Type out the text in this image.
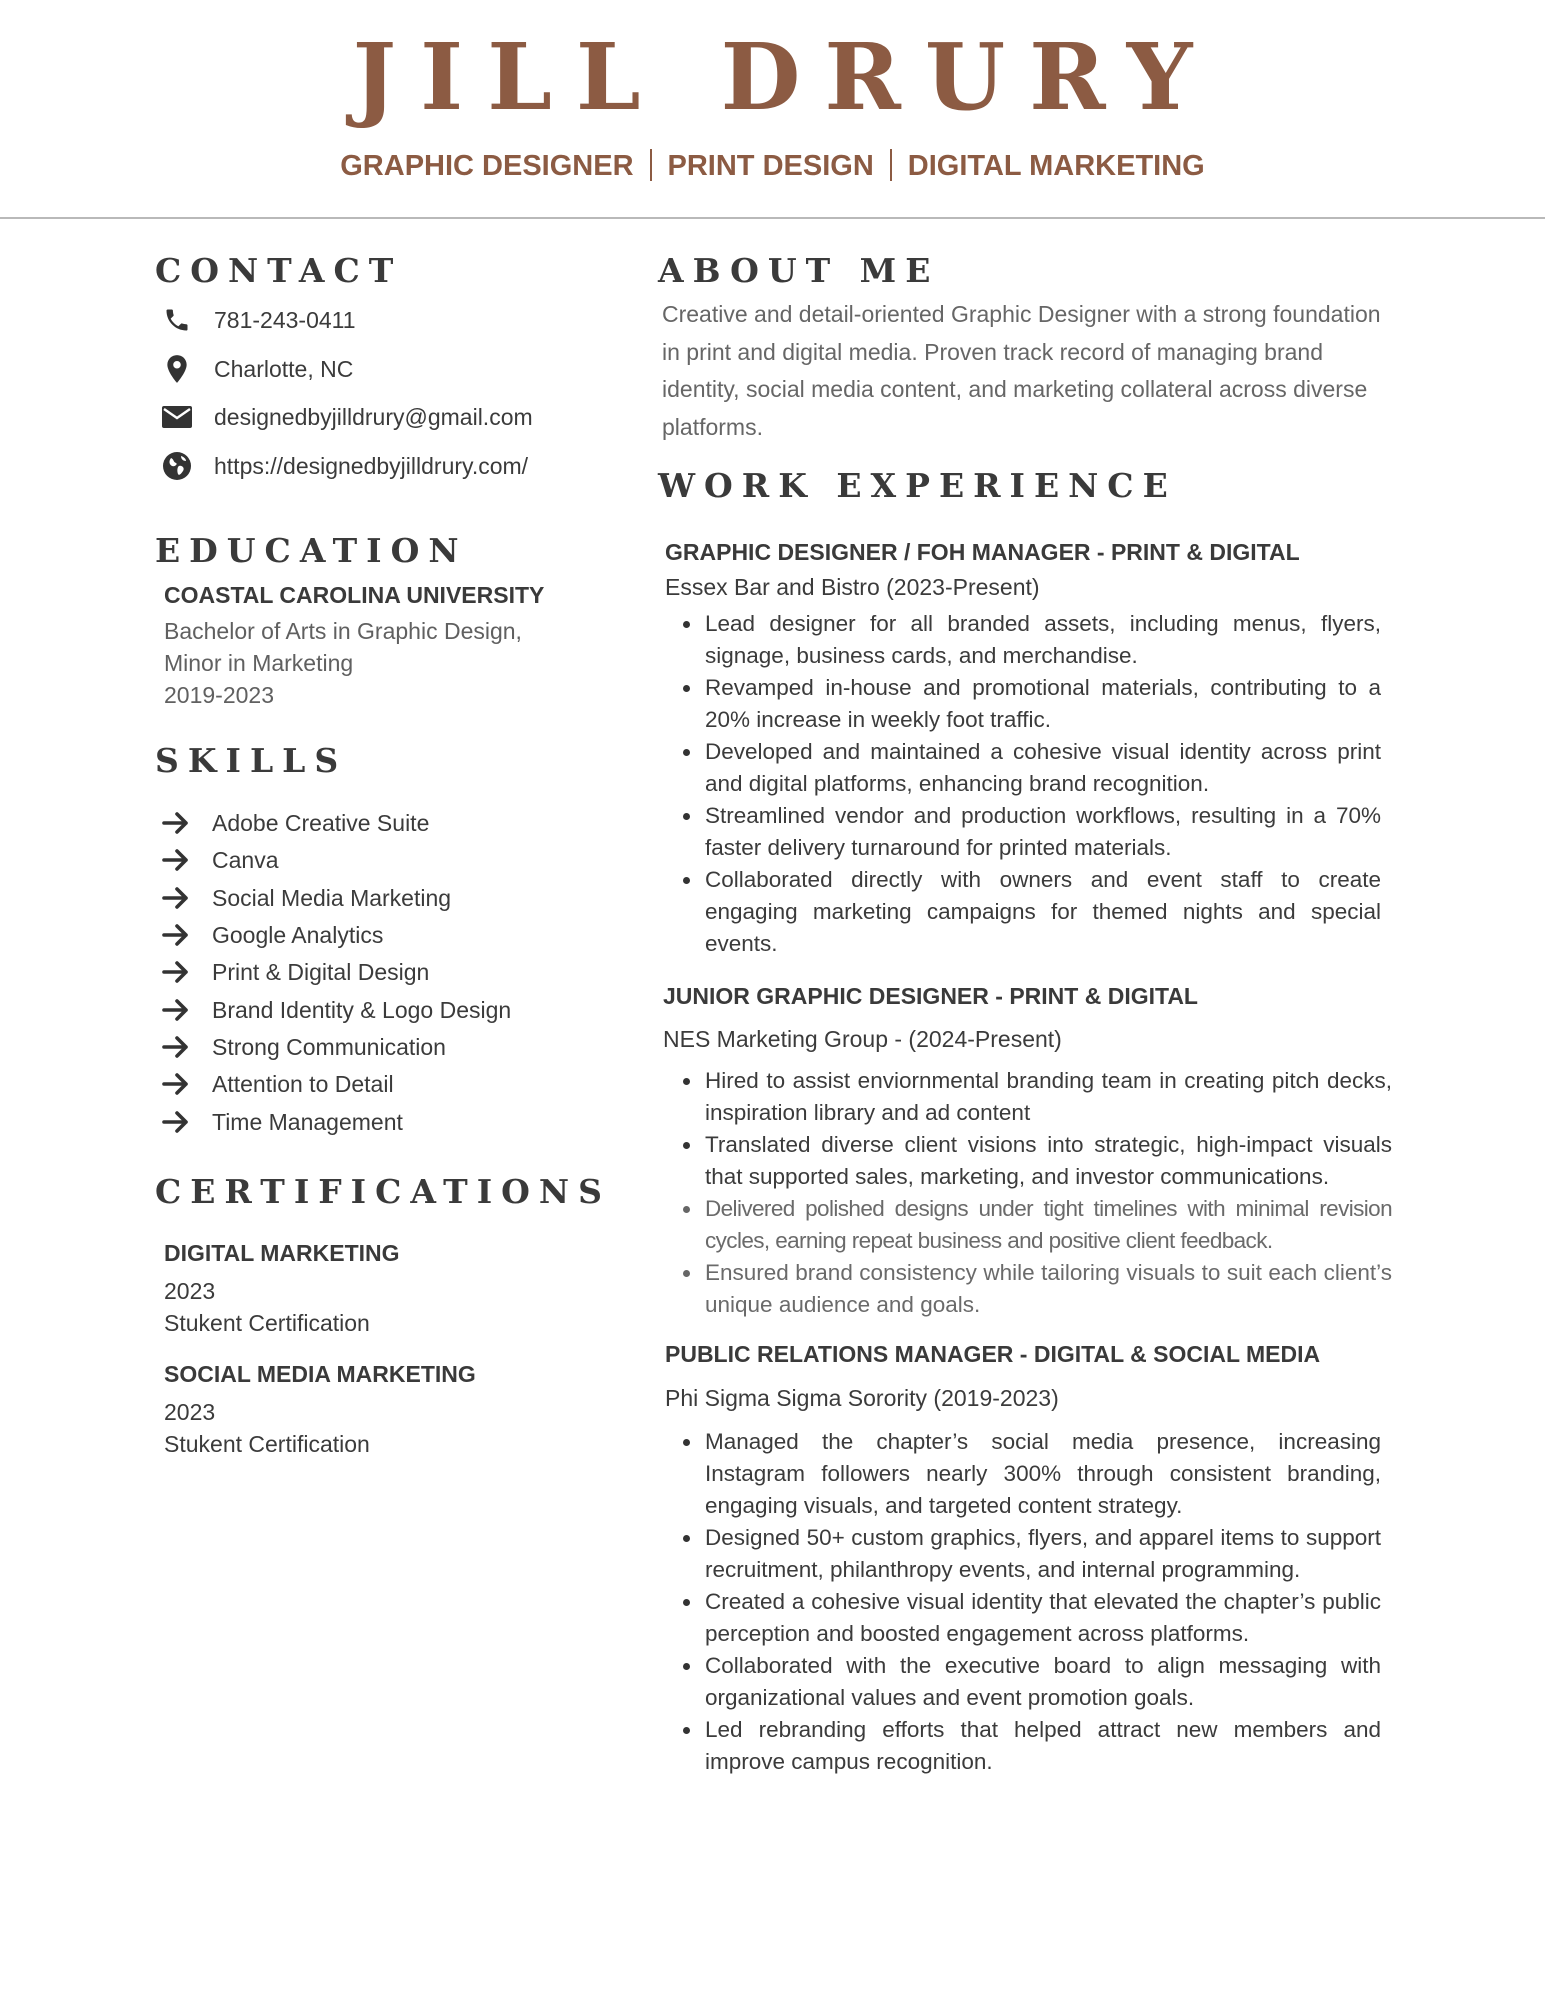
JILL DRURY
GRAPHIC DESIGNER PRINT DESIGN DIGITAL MARKETING
CONTACT
781-243-0411
Charlotte, NC
designedbyjilldrury@gmail.com
https://designedbyjilldrury.com/
EDUCATION
COASTAL CAROLINA UNIVERSITY
Bachelor of Arts in Graphic Design,
Minor in Marketing
2019-2023
SKILLS
Adobe Creative Suite
Canva
Social Media Marketing
Google Analytics
Print & Digital Design
Brand Identity & Logo Design
Strong Communication
Attention to Detail
Time Management
CERTIFICATIONS
DIGITAL MARKETING
2023
Stukent Certification
SOCIAL MEDIA MARKETING
2023
Stukent Certification
ABOUT ME
Creative and detail-oriented Graphic Designer with a strong foundation in print and digital media. Proven track record of managing brand identity, social media content, and marketing collateral across diverse platforms.
WORK EXPERIENCE
GRAPHIC DESIGNER / FOH MANAGER - PRINT & DIGITAL
Essex Bar and Bistro (2023-Present)
Lead designer for all branded assets, including menus, flyers, signage, business cards, and merchandise.
Revamped in-house and promotional materials, contributing to a 20% increase in weekly foot traffic.
Developed and maintained a cohesive visual identity across print and digital platforms, enhancing brand recognition.
Streamlined vendor and production workflows, resulting in a 70% faster delivery turnaround for printed materials.
Collaborated directly with owners and event staff to create engaging marketing campaigns for themed nights and special events.
JUNIOR GRAPHIC DESIGNER - PRINT & DIGITAL
NES Marketing Group - (2024-Present)
Hired to assist enviornmental branding team in creating pitch decks, inspiration library and ad content
Translated diverse client visions into strategic, high-impact visuals that supported sales, marketing, and investor communications.
Delivered polished designs under tight timelines with minimal revision cycles, earning repeat business and positive client feedback.
Ensured brand consistency while tailoring visuals to suit each client’s unique audience and goals.
PUBLIC RELATIONS MANAGER - DIGITAL & SOCIAL MEDIA
Phi Sigma Sigma Sorority (2019-2023)
Managed the chapter’s social media presence, increasing Instagram followers nearly 300% through consistent branding, engaging visuals, and targeted content strategy.
Designed 50+ custom graphics, flyers, and apparel items to support recruitment, philanthropy events, and internal programming.
Created a cohesive visual identity that elevated the chapter’s public perception and boosted engagement across platforms.
Collaborated with the executive board to align messaging with organizational values and event promotion goals.
Led rebranding efforts that helped attract new members and improve campus recognition.
